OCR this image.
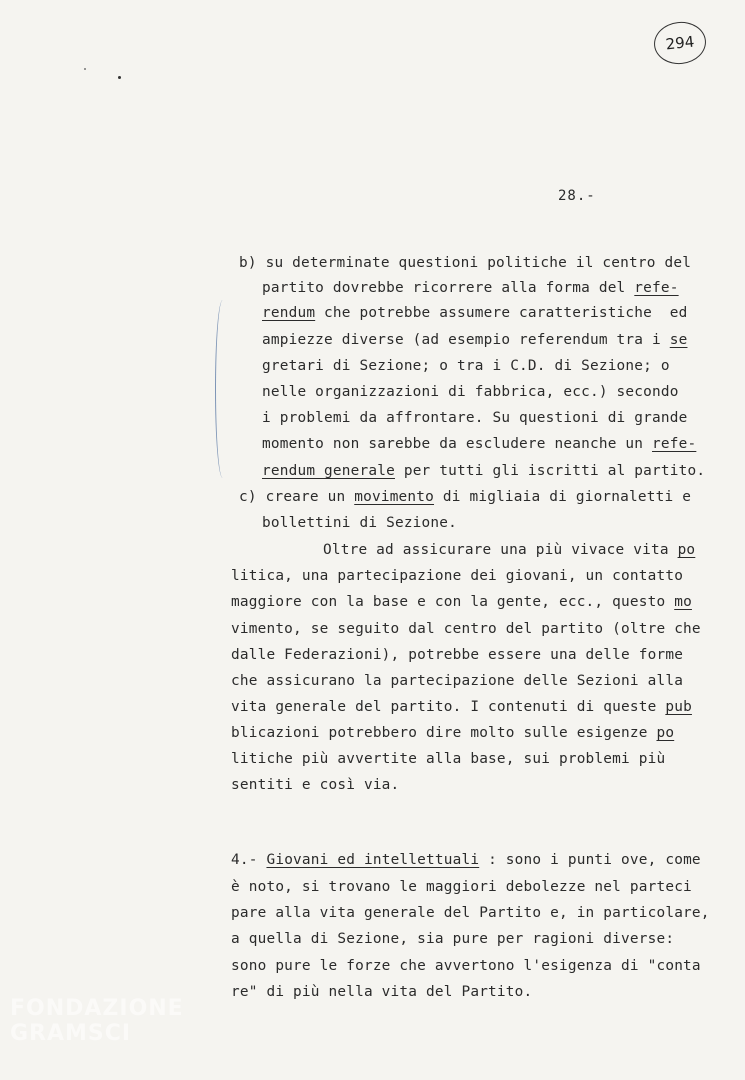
294
28.-
b) su determinate questioni politiche il centro del
partito dovrebbe ricorrere alla forma del refe-
rendum che potrebbe assumere caratteristiche  ed
ampiezze diverse (ad esempio referendum tra i se
gretari di Sezione; o tra i C.D. di Sezione; o
nelle organizzazioni di fabbrica, ecc.) secondo
i problemi da affrontare. Su questioni di grande
momento non sarebbe da escludere neanche un refe-
rendum generale per tutti gli iscritti al partito.
c) creare un movimento di migliaia di giornaletti e
bollettini di Sezione.
Oltre ad assicurare una più vivace vita po
litica, una partecipazione dei giovani, un contatto
maggiore con la base e con la gente, ecc., questo mo
vimento, se seguito dal centro del partito (oltre che
dalle Federazioni), potrebbe essere una delle forme
che assicurano la partecipazione delle Sezioni alla
vita generale del partito. I contenuti di queste pub
blicazioni potrebbero dire molto sulle esigenze po
litiche più avvertite alla base, sui problemi più
sentiti e così via.
4.- Giovani ed intellettuali : sono i punti ove, come
è noto, si trovano le maggiori debolezze nel parteci
pare alla vita generale del Partito e, in particolare,
a quella di Sezione, sia pure per ragioni diverse:
sono pure le forze che avvertono l'esigenza di "conta
re" di più nella vita del Partito.
FONDAZIONE
GRAMSCI
